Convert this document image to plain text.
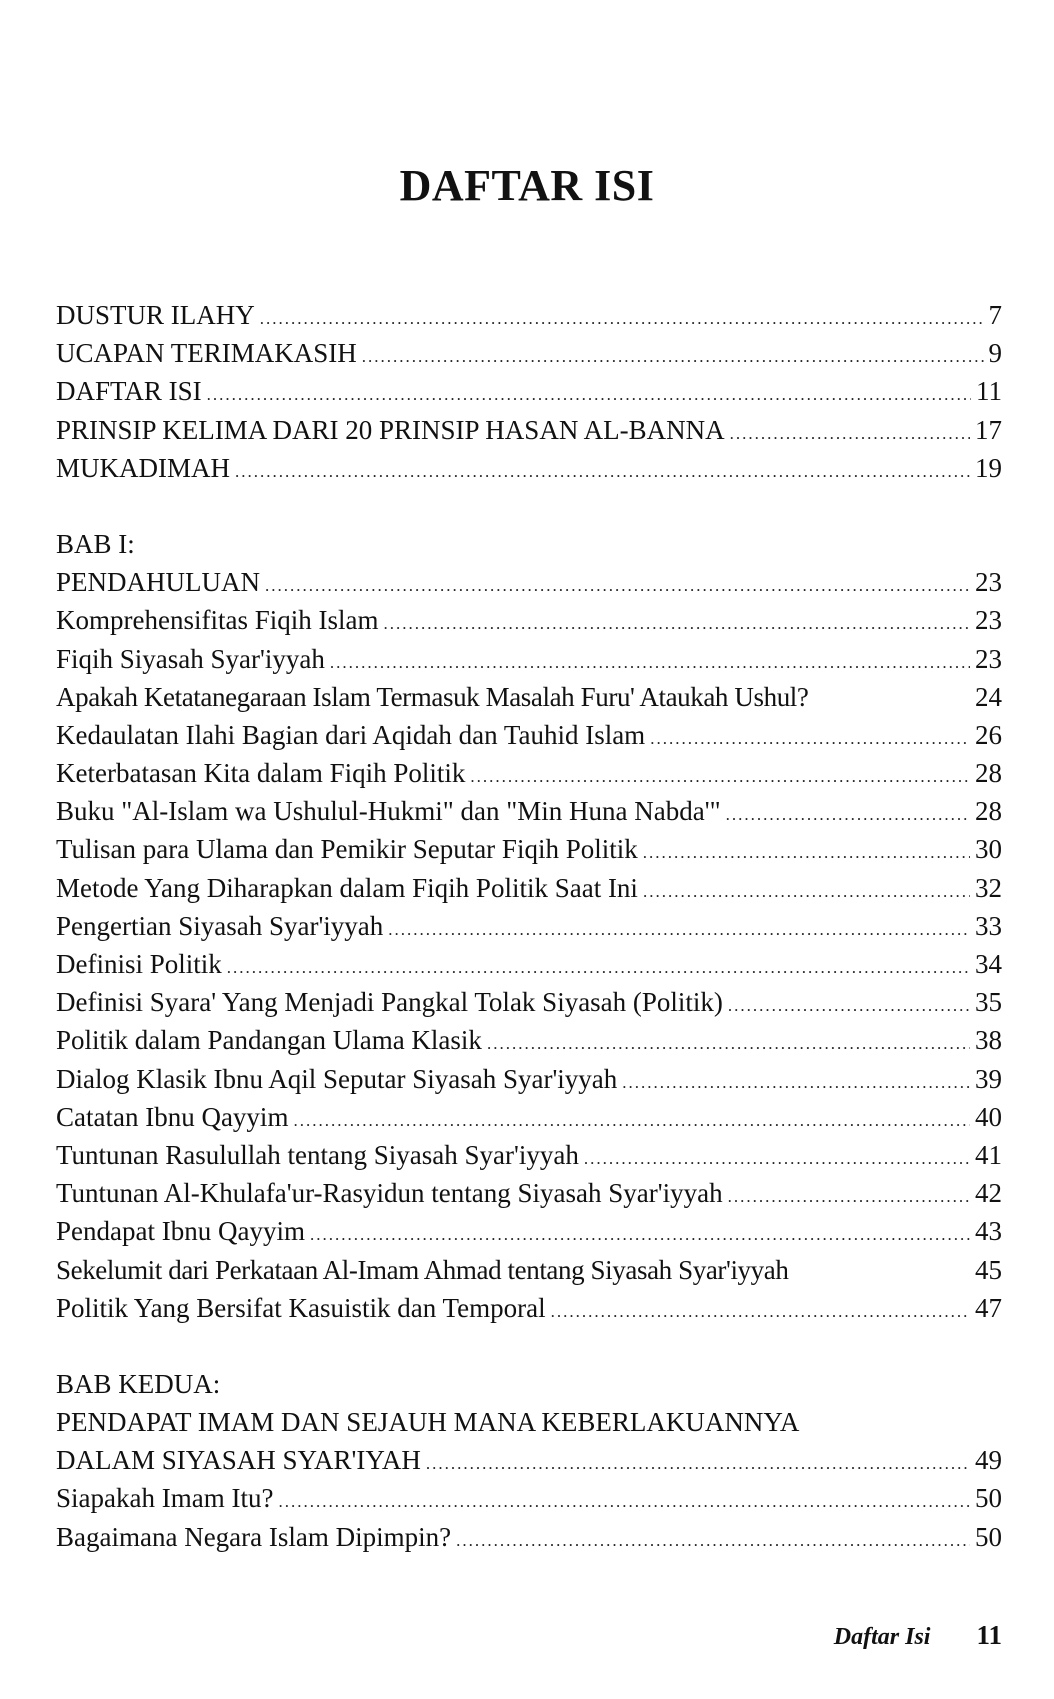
DAFTAR ISI
DUSTUR ILAHY .....	7
UCAPAN TERIMAKASIH .....	9
DAFTAR ISI .....	11
PRINSIP KELIMA DARI 20 PRINSIP HASAN AL-BANNA .....	17
MUKADIMAH .....	19
BAB I:
PENDAHULUAN .....	23
Komprehensifitas Fiqih Islam .....	23
Fiqih Siyasah Syar'iyyah .....	23
Apakah Ketatanegaraan Islam Termasuk Masalah Furu' Ataukah Ushul?	24
Kedaulatan Ilahi Bagian dari Aqidah dan Tauhid Islam .....	26
Keterbatasan Kita dalam Fiqih Politik .....	28
Buku "Al-Islam wa Ushulul-Hukmi" dan "Min Huna Nabda'" .....	28
Tulisan para Ulama dan Pemikir Seputar Fiqih Politik .....	30
Metode Yang Diharapkan dalam Fiqih Politik Saat Ini .....	32
Pengertian Siyasah Syar'iyyah .....	33
Definisi Politik .....	34
Definisi Syara' Yang Menjadi Pangkal Tolak Siyasah (Politik) .....	35
Politik dalam Pandangan Ulama Klasik .....	38
Dialog Klasik Ibnu Aqil Seputar Siyasah Syar'iyyah .....	39
Catatan Ibnu Qayyim .....	40
Tuntunan Rasulullah tentang Siyasah Syar'iyyah .....	41
Tuntunan Al-Khulafa'ur-Rasyidun tentang Siyasah Syar'iyyah .....	42
Pendapat Ibnu Qayyim .....	43
Sekelumit dari Perkataan Al-Imam Ahmad tentang Siyasah Syar'iyyah	45
Politik Yang Bersifat Kasuistik dan Temporal .....	47
BAB KEDUA:
PENDAPAT IMAM DAN SEJAUH MANA KEBERLAKUANNYA
DALAM SIYASAH SYAR'IYAH .....	49
Siapakah Imam Itu? .....	50
Bagaimana Negara Islam Dipimpin? .....	50
Daftar Isi 11
